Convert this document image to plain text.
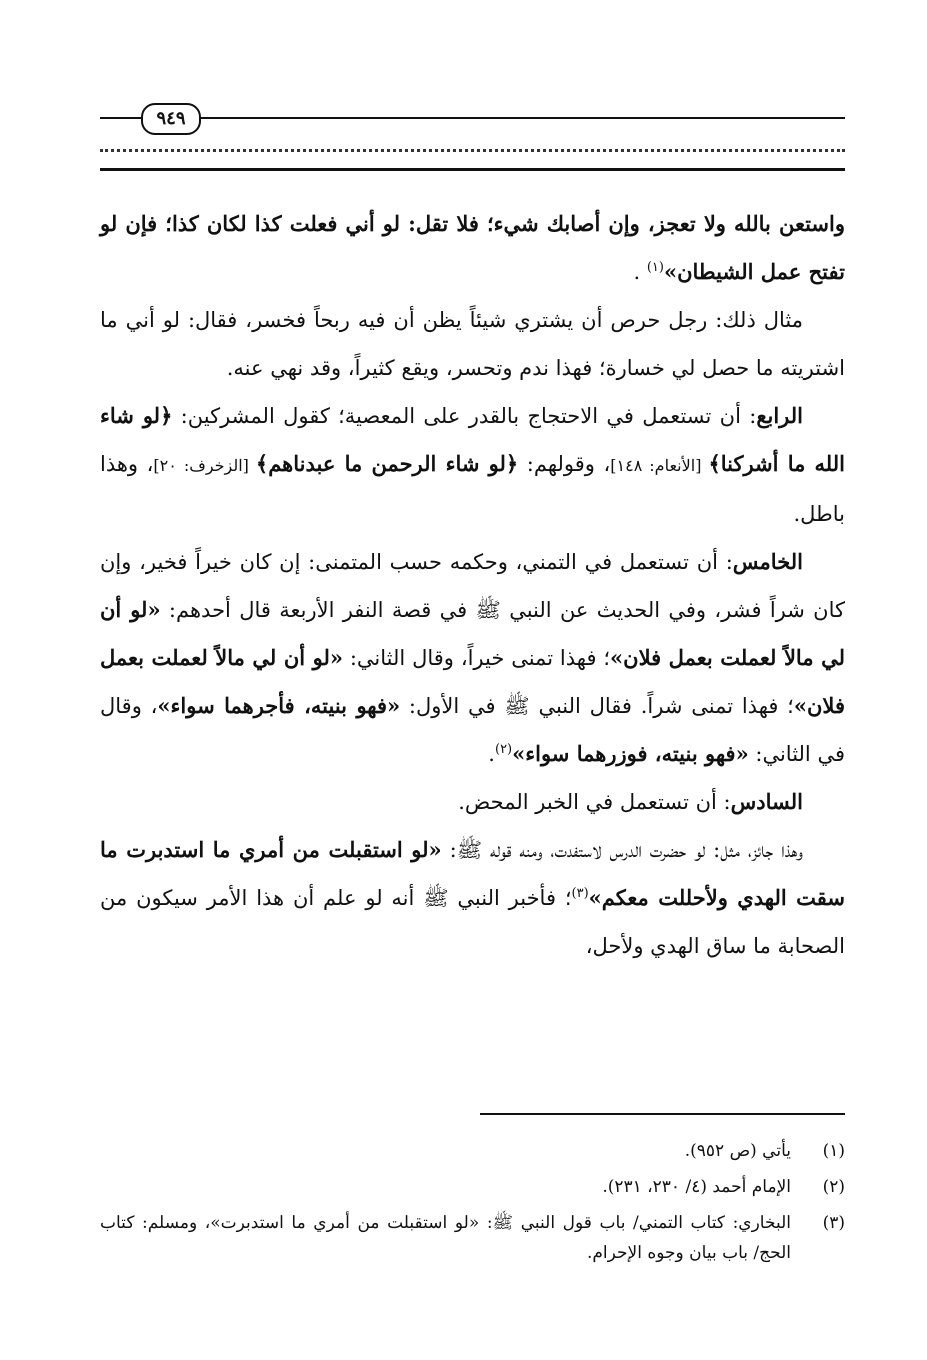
٩٤٩

واستعن بالله ولا تعجز، وإن أصابك شيء؛ فلا تقل: لو أني فعلت كذا لكان كذا؛ فإن لو تفتح عمل الشيطان»$^{(١)}$ .

مثال ذلك: رجل حرص أن يشتري شيئاً يظن أن فيه ربحاً فخسر، فقال: لو أني ما اشتريته ما حصل لي خسارة؛ فهذا ندم وتحسر، ويقع كثيراً، وقد نهي عنه.

الرابع: أن تستعمل في الاحتجاج بالقدر على المعصية؛ كقول المشركين: ﴿لو شاء الله ما أشركنا﴾ [الأنعام: ١٤٨]، وقولهم: ﴿لو شاء الرحمن ما عبدناهم﴾ [الزخرف: ٢٠]، وهذا باطل.

الخامس: أن تستعمل في التمني، وحكمه حسب المتمنى: إن كان خيراً فخير، وإن كان شراً فشر، وفي الحديث عن النبي ﷺ في قصة النفر الأربعة قال أحدهم: «لو أن لي مالاً لعملت بعمل فلان»؛ فهذا تمنى خيراً، وقال الثاني: «لو أن لي مالاً لعملت بعمل فلان»؛ فهذا تمنى شراً. فقال النبي ﷺ في الأول: «فهو بنيته، فأجرهما سواء»، وقال في الثاني: «فهو بنيته، فوزرهما سواء»$^{(٢)}$.

السادس: أن تستعمل في الخبر المحض.

وهذا جائز، مثل: لو حضرت الدرس لاستفدت، ومنه قوله ﷺ: «لو استقبلت من أمري ما استدبرت ما سقت الهدي ولأحللت معكم»$^{(٣)}$؛ فأخبر النبي ﷺ أنه لو علم أن هذا الأمر سيكون من الصحابة ما ساق الهدي ولأحل،

(١)
يأتي (ص ٩٥٢).
(٢)
الإمام أحمد (٤/ ٢٣٠، ٢٣١).
(٣)
البخاري: كتاب التمني/ باب قول النبي ﷺ: «لو استقبلت من أمري ما استدبرت»، ومسلم: كتاب الحج/ باب بيان وجوه الإحرام.
